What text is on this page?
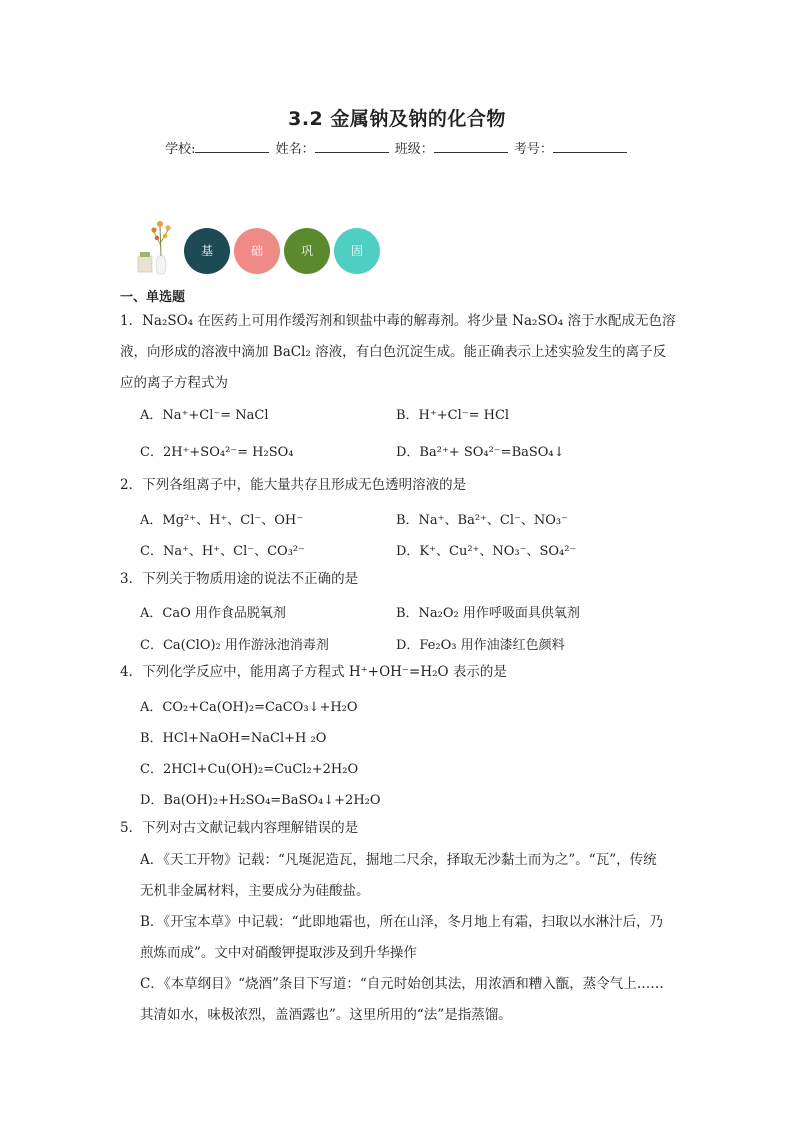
3.2 金属钠及钠的化合物
学校:	姓名：	班级：	考号：
基	础	巩	固
一、单选题
1．Na₂SO₄ 在医药上可用作缓泻剂和钡盐中毒的解毒剂。将少量 Na₂SO₄ 溶于水配成无色溶
液，向形成的溶液中滴加 BaCl₂ 溶液，有白色沉淀生成。能正确表示上述实验发生的离子反
应的离子方程式为
A．Na⁺+Cl⁻= NaCl	B．H⁺+Cl⁻= HCl
C．2H⁺+SO₄²⁻= H₂SO₄	D．Ba²⁺+ SO₄²⁻=BaSO₄↓
2．下列各组离子中，能大量共存且形成无色透明溶液的是
A．Mg²⁺、H⁺、Cl⁻、OH⁻	B．Na⁺、Ba²⁺、Cl⁻、NO₃⁻
C．Na⁺、H⁺、Cl⁻、CO₃²⁻	D．K⁺、Cu²⁺、NO₃⁻、SO₄²⁻
3．下列关于物质用途的说法不正确的是
A．CaO 用作食品脱氧剂	B．Na₂O₂ 用作呼吸面具供氧剂
C．Ca(ClO)₂ 用作游泳池消毒剂	D．Fe₂O₃ 用作油漆红色颜料
4．下列化学反应中，能用离子方程式 H⁺+OH⁻=H₂O 表示的是
A．CO₂+Ca(OH)₂=CaCO₃↓+H₂O
B．HCl+NaOH=NaCl+H ₂O
C．2HCl+Cu(OH)₂=CuCl₂+2H₂O
D．Ba(OH)₂+H₂SO₄=BaSO₄↓+2H₂O
5．下列对古文献记载内容理解错误的是
A．《天工开物》记载：“凡埏泥造瓦，掘地二尺余，择取无沙黏土而为之”。“瓦”，传统
无机非金属材料，主要成分为硅酸盐。
B．《开宝本草》中记载：“此即地霜也，所在山泽，冬月地上有霜，扫取以水淋汁后，乃
煎炼而成”。文中对硝酸钾提取涉及到升华操作
C．《本草纲目》“烧酒”条目下写道：“自元时始创其法，用浓酒和糟入甑，蒸令气上……
其清如水，味极浓烈，盖酒露也”。这里所用的“法”是指蒸馏。
